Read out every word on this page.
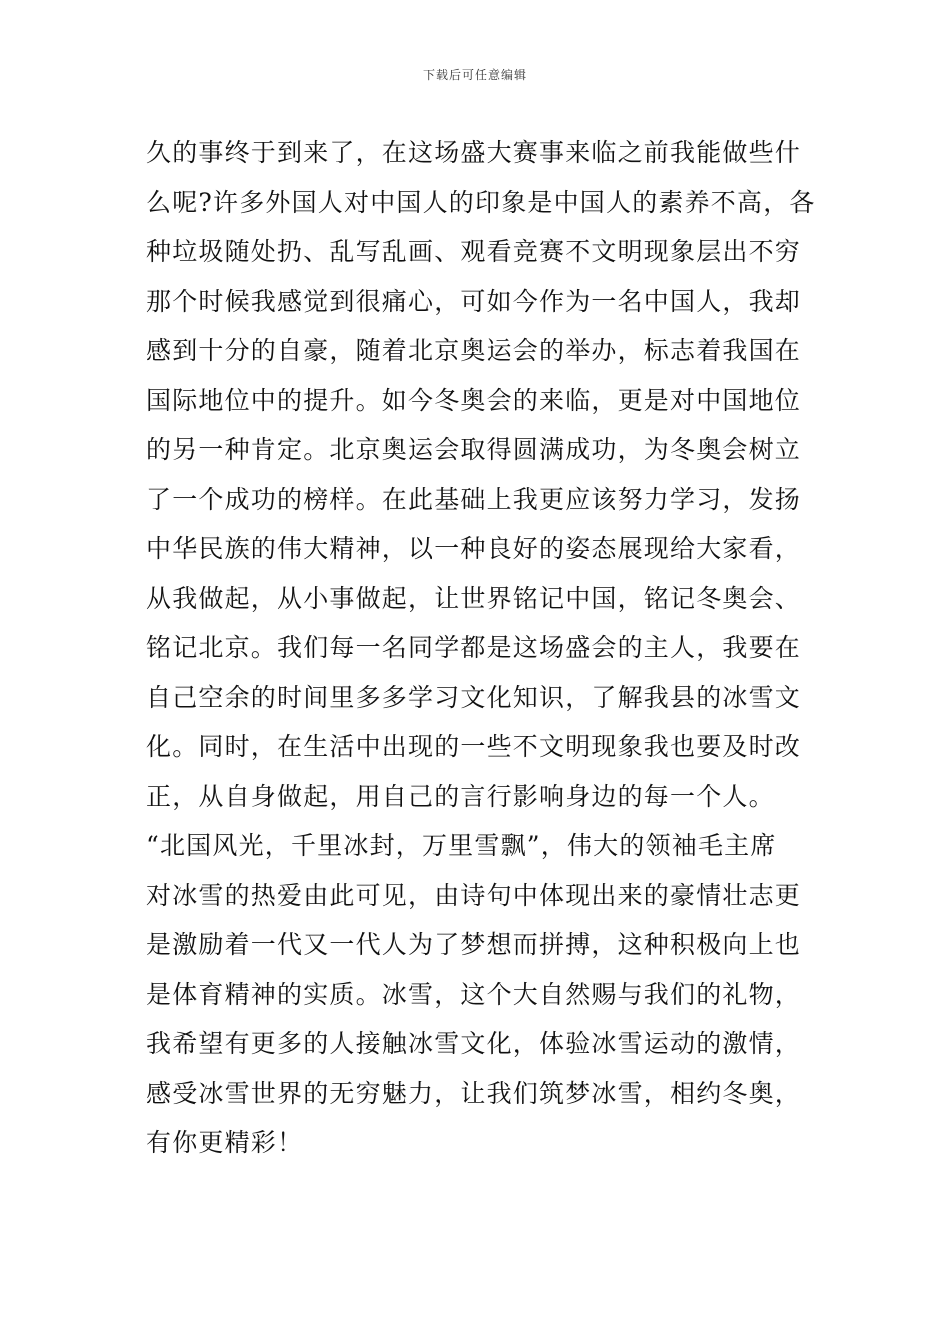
下载后可任意编辑
久的事终于到来了，在这场盛大赛事来临之前我能做些什
么呢?许多外国人对中国人的印象是中国人的素养不高，各
种垃圾随处扔、乱写乱画、观看竞赛不文明现象层出不穷
那个时候我感觉到很痛心，可如今作为一名中国人，我却
感到十分的自豪，随着北京奥运会的举办，标志着我国在
国际地位中的提升。如今冬奥会的来临，更是对中国地位
的另一种肯定。北京奥运会取得圆满成功，为冬奥会树立
了一个成功的榜样。在此基础上我更应该努力学习，发扬
中华民族的伟大精神，以一种良好的姿态展现给大家看，
从我做起，从小事做起，让世界铭记中国，铭记冬奥会、
铭记北京。我们每一名同学都是这场盛会的主人，我要在
自己空余的时间里多多学习文化知识，了解我县的冰雪文
化。同时，在生活中出现的一些不文明现象我也要及时改
正，从自身做起，用自己的言行影响身边的每一个人。
“北国风光，千里冰封，万里雪飘”，伟大的领袖毛主席
对冰雪的热爱由此可见，由诗句中体现出来的豪情壮志更
是激励着一代又一代人为了梦想而拼搏，这种积极向上也
是体育精神的实质。冰雪，这个大自然赐与我们的礼物，
我希望有更多的人接触冰雪文化，体验冰雪运动的激情，
感受冰雪世界的无穷魅力，让我们筑梦冰雪，相约冬奥，
有你更精彩！
